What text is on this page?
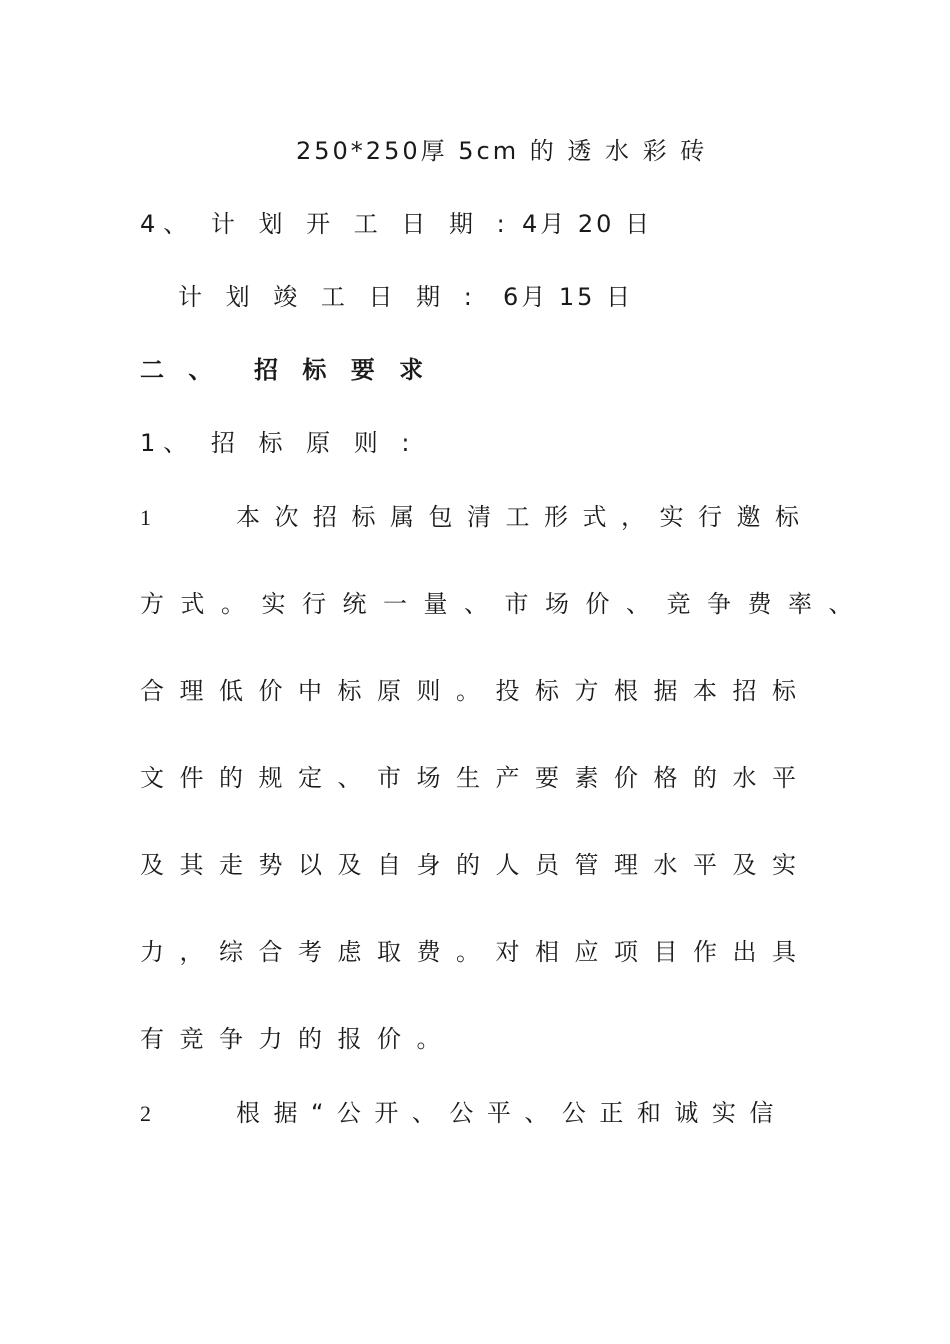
250*250厚 5cm 的 透 水 彩 砖
4、 计 划 开 工 日 期 : 4月 20 日
计 划 竣 工 日 期 : 6月 15 日
二 、 招 标 要 求
1、 招 标 原 则 :
1	本次招标属包清工形式，实行邀标
方式。实行统一量、市场价、竞争费率、
合理低价中标原则。投标方根据本招标
文件的规定、市场生产要素价格的水平
及其走势以及自身的人员管理水平及实
力，综合考虑取费。对相应项目作出具
有竞争力的报价。
2	根据“公开、公平、公正和诚实信
